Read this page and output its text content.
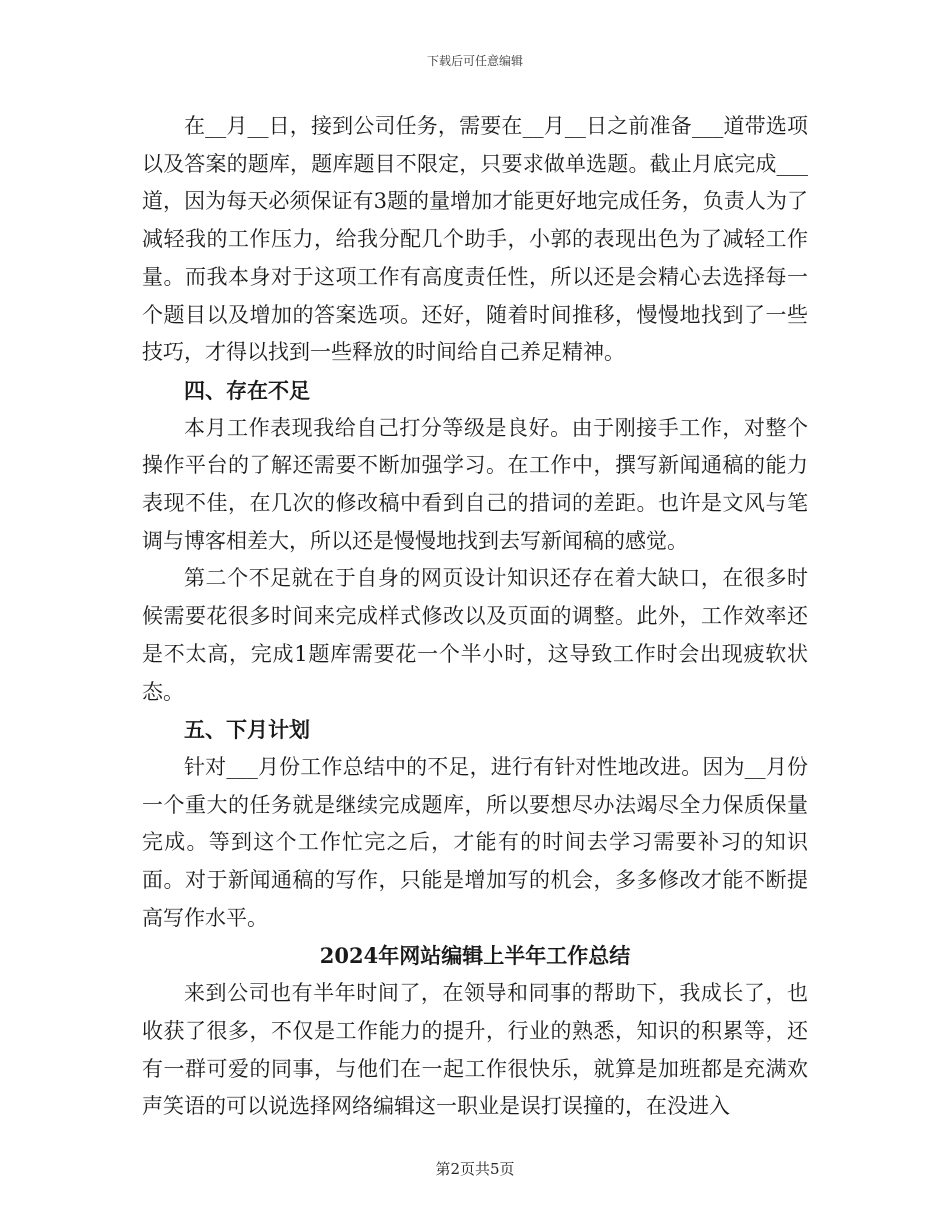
下载后可任意编辑

在__月__日，接到公司任务，需要在__月__日之前准备___道带选项以及答案的题库，题库题目不限定，只要求做单选题。截止月底完成___道，因为每天必须保证有3题的量增加才能更好地完成任务，负责人为了减轻我的工作压力，给我分配几个助手，小郭的表现出色为了减轻工作量。而我本身对于这项工作有高度责任性，所以还是会精心去选择每一个题目以及增加的答案选项。还好，随着时间推移，慢慢地找到了一些技巧，才得以找到一些释放的时间给自己养足精神。

四、存在不足

本月工作表现我给自己打分等级是良好。由于刚接手工作，对整个操作平台的了解还需要不断加强学习。在工作中，撰写新闻通稿的能力表现不佳，在几次的修改稿中看到自己的措词的差距。也许是文风与笔调与博客相差大，所以还是慢慢地找到去写新闻稿的感觉。

第二个不足就在于自身的网页设计知识还存在着大缺口，在很多时候需要花很多时间来完成样式修改以及页面的调整。此外，工作效率还是不太高，完成1题库需要花一个半小时，这导致工作时会出现疲软状态。

五、下月计划

针对___月份工作总结中的不足，进行有针对性地改进。因为__月份一个重大的任务就是继续完成题库，所以要想尽办法竭尽全力保质保量完成。等到这个工作忙完之后，才能有的时间去学习需要补习的知识面。对于新闻通稿的写作，只能是增加写的机会，多多修改才能不断提高写作水平。

2024年网站编辑上半年工作总结

来到公司也有半年时间了，在领导和同事的帮助下，我成长了，也收获了很多，不仅是工作能力的提升，行业的熟悉，知识的积累等，还有一群可爱的同事，与他们在一起工作很快乐，就算是加班都是充满欢声笑语的可以说选择网络编辑这一职业是误打误撞的，在没进入

第2页共5页
